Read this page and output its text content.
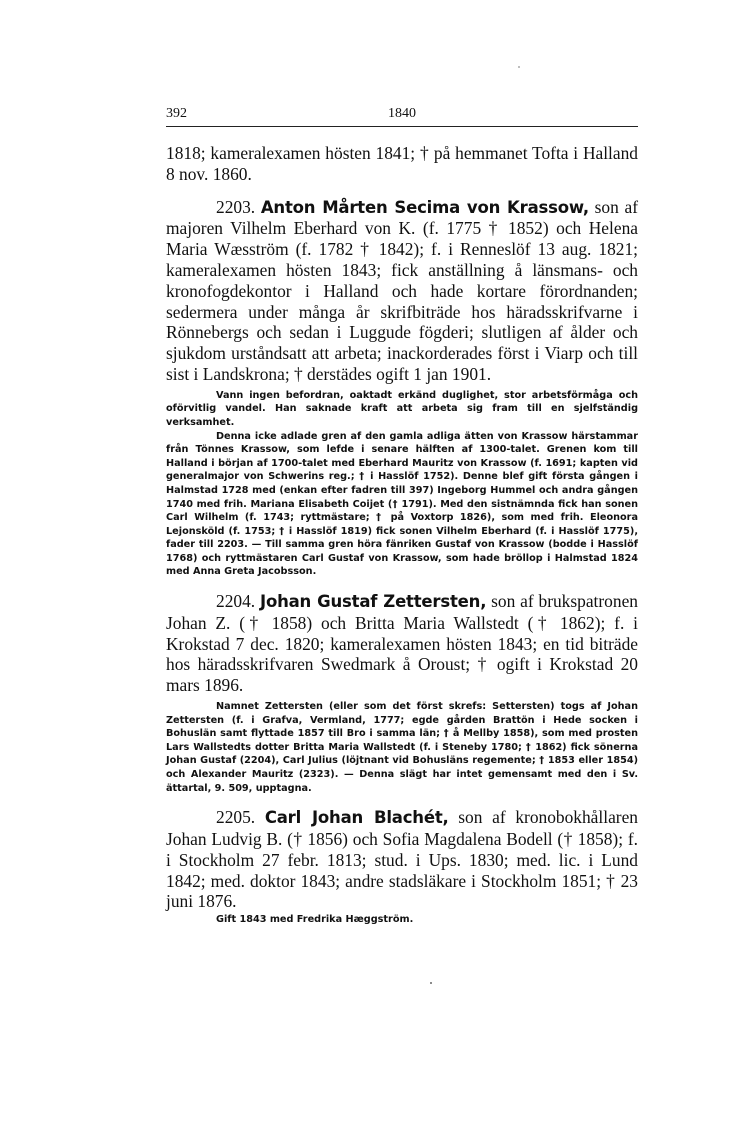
392	1840

1818; kameralexamen hösten 1841; † på hemmanet Tofta i Halland 8 nov. 1860.

2203. Anton Mårten Secima von Krassow, son af majoren Vilhelm Eberhard von K. (f. 1775 † 1852) och Helena Maria Wæsström (f. 1782 † 1842); f. i Renneslöf 13 aug. 1821; kameralexamen hösten 1843; fick anställning å länsmans- och kronofogdekontor i Halland och hade kortare förordnanden; sedermera under många år skrifbiträde hos häradsskrifvarne i Rönnebergs och sedan i Luggude fögderi; slutligen af ålder och sjukdom urståndsatt att arbeta; inackorderades först i Viarp och till sist i Landskrona; † derstädes ogift 1 jan 1901.

Vann ingen befordran, oaktadt erkänd duglighet, stor arbetsförmåga och oförvitlig vandel. Han saknade kraft att arbeta sig fram till en sjelfständig verksamhet.

Denna icke adlade gren af den gamla adliga ätten von Krassow härstammar från Tönnes Krassow, som lefde i senare hälften af 1300-talet. Grenen kom till Halland i början af 1700-talet med Eberhard Mauritz von Krassow (f. 1691; kapten vid generalmajor von Schwerins reg.; † i Hasslöf 1752). Denne blef gift första gången i Halmstad 1728 med (enkan efter fadren till 397) Ingeborg Hummel och andra gången 1740 med frih. Mariana Elisabeth Coijet († 1791). Med den sistnämnda fick han sonen Carl Wilhelm (f. 1743; ryttmästare; † på Voxtorp 1826), som med frih. Eleonora Lejonsköld (f. 1753; † i Hasslöf 1819) fick sonen Vilhelm Eberhard (f. i Hasslöf 1775), fader till 2203. — Till samma gren höra fänriken Gustaf von Krassow (bodde i Hasslöf 1768) och ryttmästaren Carl Gustaf von Krassow, som hade bröllop i Halmstad 1824 med Anna Greta Jacobsson.

2204. Johan Gustaf Zettersten, son af brukspatronen Johan Z. († 1858) och Britta Maria Wallstedt († 1862); f. i Krokstad 7 dec. 1820; kameralexamen hösten 1843; en tid biträde hos häradsskrifvaren Swedmark å Oroust; † ogift i Krokstad 20 mars 1896.

Namnet Zettersten (eller som det först skrefs: Settersten) togs af Johan Zettersten (f. i Grafva, Vermland, 1777; egde gården Brattön i Hede socken i Bohuslän samt flyttade 1857 till Bro i samma län; † å Mellby 1858), som med prosten Lars Wallstedts dotter Britta Maria Wallstedt (f. i Steneby 1780; † 1862) fick sönerna Johan Gustaf (2204), Carl Julius (löjtnant vid Bohusläns regemente; † 1853 eller 1854) och Alexander Mauritz (2323). — Denna slägt har intet gemensamt med den i Sv. ättartal, 9. 509, upptagna.

2205. Carl Johan Blachét, son af kronobokhållaren Johan Ludvig B. († 1856) och Sofia Magdalena Bodell († 1858); f. i Stockholm 27 febr. 1813; stud. i Ups. 1830; med. lic. i Lund 1842; med. doktor 1843; andre stadsläkare i Stockholm 1851; † 23 juni 1876.

Gift 1843 med Fredrika Hæggström.
